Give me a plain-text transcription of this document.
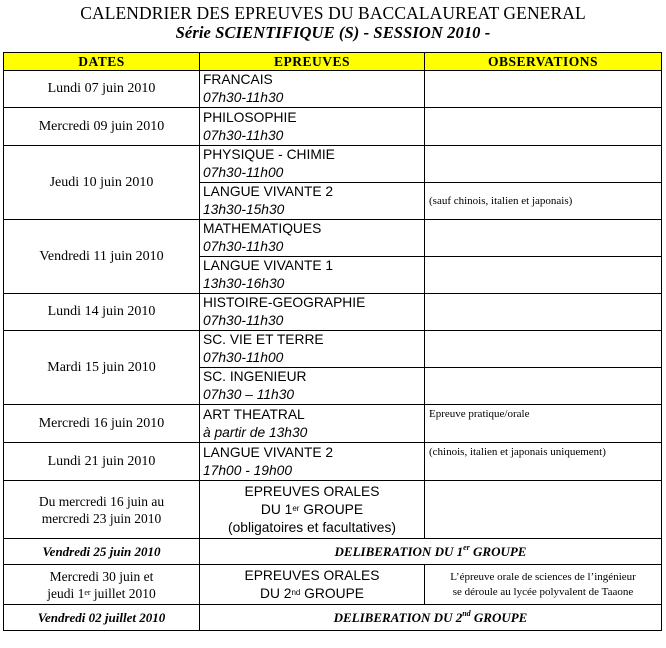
CALENDRIER DES EPREUVES DU BACCALAUREAT GENERAL
Série SCIENTIFIQUE (S) - SESSION 2010 -
DATES	EPREUVES	OBSERVATIONS
Lundi 07 juin 2010	FRANCAIS
07h30-11h30	

Mercredi 09 juin 2010	PHILOSOPHIE
07h30-11h30	

Jeudi 10 juin 2010	PHYSIQUE - CHIMIE
07h30-11h00	

	LANGUE VIVANTE 2
13h30-15h30	(sauf chinois, italien et japonais)
Vendredi 11 juin 2010	MATHEMATIQUES
07h30-11h30	

	LANGUE VIVANTE 1
13h30-16h30	

Lundi 14 juin 2010	HISTOIRE-GEOGRAPHIE
07h30-11h30	

Mardi 15 juin 2010	SC. VIE ET TERRE
07h30-11h00	

	SC. INGENIEUR
07h30 – 11h30	

Mercredi 16 juin 2010	ART THEATRAL
à partir de 13h30	Epreuve pratique/orale
Lundi 21 juin 2010	LANGUE VIVANTE 2
17h00 - 19h00	(chinois, italien et japonais uniquement)

Du mercredi 16 juin au
mercredi 23 juin 2010	EPREUVES ORALES
DU 1er GROUPE
(obligatoires et facultatives)	

Vendredi 25 juin 2010	DELIBERATION DU 1er GROUPE	

Mercredi 30 juin et
jeudi 1er juillet 2010	EPREUVES ORALES
DU 2nd GROUPE	L’épreuve orale de sciences de l’ingénieur
se déroule au lycée polyvalent de Taaone

Vendredi 02 juillet 2010	DELIBERATION DU 2nd GROUPE	
